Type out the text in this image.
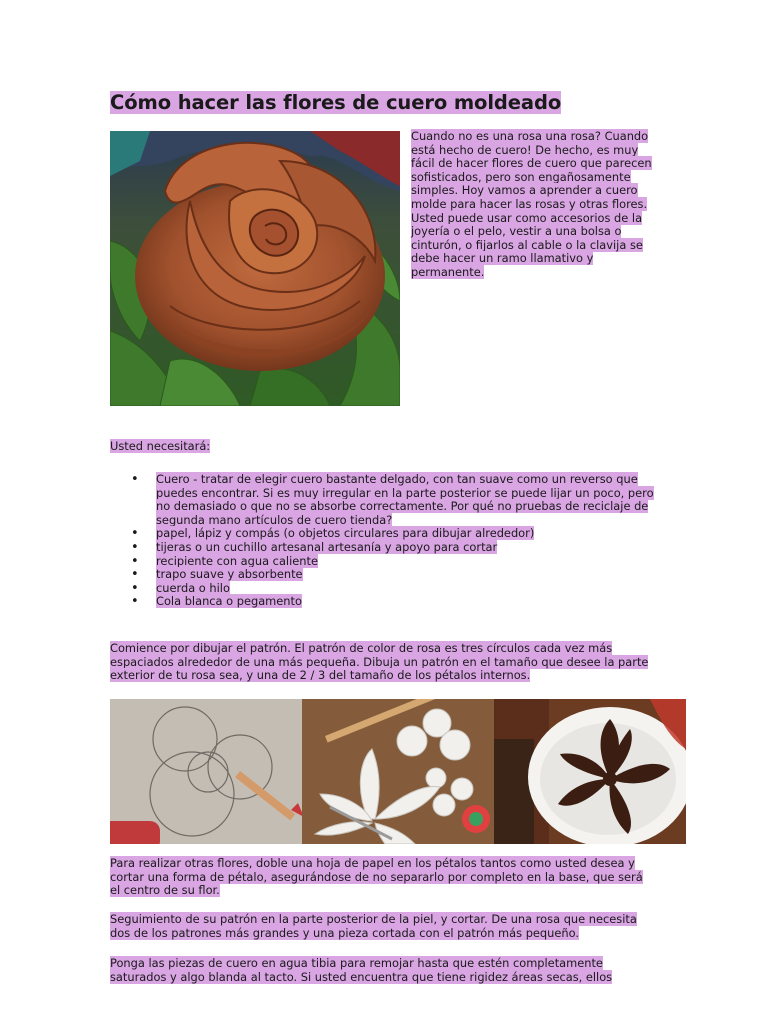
Cómo hacer las flores de cuero moldeado

Cuando no es una rosa una rosa? Cuando está hecho de cuero! De hecho, es muy fácil de hacer flores de cuero que parecen sofisticados, pero son engañosamente simples. Hoy vamos a aprender a cuero molde para hacer las rosas y otras flores. Usted puede usar como accesorios de la joyería o el pelo, vestir a una bolsa o cinturón, o fijarlos al cable o la clavija se debe hacer un ramo llamativo y permanente.

Usted necesitará:

• Cuero - tratar de elegir cuero bastante delgado, con tan suave como un reverso que puedes encontrar. Si es muy irregular en la parte posterior se puede lijar un poco, pero no demasiado o que no se absorbe correctamente. Por qué no pruebas de reciclaje de segunda mano artículos de cuero tienda?
• papel, lápiz y compás (o objetos circulares para dibujar alrededor)
• tijeras o un cuchillo artesanal artesanía y apoyo para cortar
• recipiente con agua caliente
• trapo suave y absorbente
• cuerda o hilo
• Cola blanca o pegamento

Comience por dibujar el patrón. El patrón de color de rosa es tres círculos cada vez más espaciados alrededor de una más pequeña. Dibuja un patrón en el tamaño que desee la parte exterior de tu rosa sea, y una de 2 / 3 del tamaño de los pétalos internos.

Para realizar otras flores, doble una hoja de papel en los pétalos tantos como usted desea y cortar una forma de pétalo, asegurándose de no separarlo por completo en la base, que será el centro de su flor.

Seguimiento de su patrón en la parte posterior de la piel, y cortar. De una rosa que necesita dos de los patrones más grandes y una pieza cortada con el patrón más pequeño.

Ponga las piezas de cuero en agua tibia para remojar hasta que estén completamente saturados y algo blanda al tacto. Si usted encuentra que tiene rigidez áreas secas, ellos
